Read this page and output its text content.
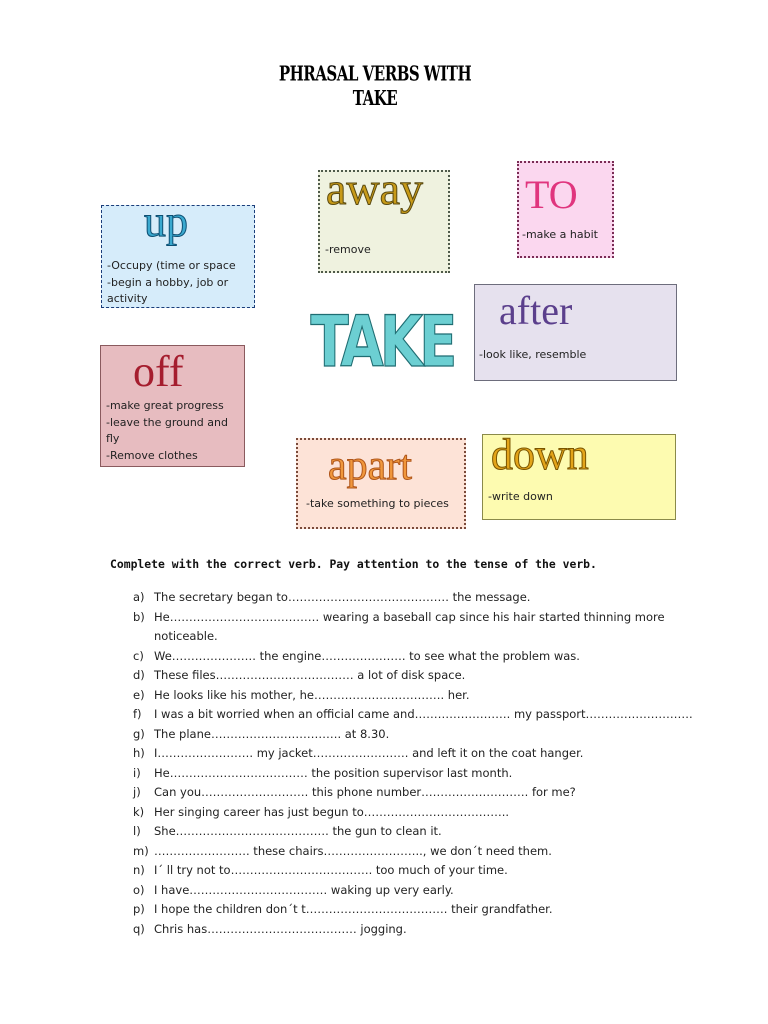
PHRASAL VERBS WITH TAKE
up
-Occupy (time or space
-begin a hobby, job or activity
away
-remove
TO
-make a habit
after
-look like, resemble
off
-make great progress
-leave the ground and fly
-Remove clothes
TAKE
apart
-take something to pieces
down
-write down
Complete with the correct verb. Pay attention to the tense of the verb.
a) The secretary began to…………………………………… the message.
b) He………………………………… wearing a baseball cap since his hair started thinning more noticeable.
c) We…………………. the engine…………………. to see what the problem was.
d) These files……………………………… a lot of disk space.
e) He looks like his mother, he……………………………. her.
f) I was a bit worried when an official came and……………………. my passport……………………….
g) The plane……………………………. at 8.30.
h) I……………………. my jacket……………………. and left it on the coat hanger.
i) He……………………………… the position supervisor last month.
j) Can you………………………. this phone number………………………. for me?
k) Her singing career has just begun to………………………………..
l) She…………………………………. the gun to clean it.
m) ……………………. these chairs…………………….., we don´t need them.
n) I´ ll try not to………………………………. too much of your time.
o) I have……………………………… waking up very early.
p) I hope the children don´t t………………………………. their grandfather.
q) Chris has………………………………… jogging.
